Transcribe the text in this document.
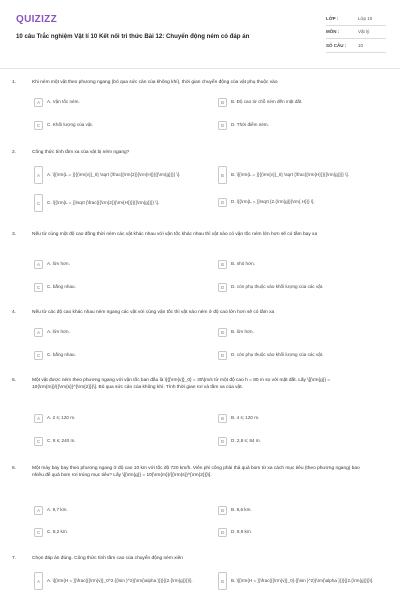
QUIZIZZ
10 câu Trắc nghiệm Vật lí 10 Kết nối tri thức Bài 12: Chuyển động ném có đáp án
LỚP :	Lớp 10
MÔN :	Vật lý
SỐ CÂU :	10
1.	Khi ném một vật theo phương ngang (bỏ qua sức cản của không khí), thời gian chuyển động của vật phụ thuộc vào
A	A. Vận tốc ném.	B	B. Độ cao từ chỗ ném đến mặt đất.
C	C. Khối lượng của vật.	D	D. Thời điểm ném.
2.	Công thức tính tầm xa của vật bị ném ngang?
A	A. \[{\rm{L = }}{{\rm{v}}_0} \sqrt {\frac{{\rm{2}}{\rm{H}}}{{\rm{g}}}} \].	B	B. \[{\rm{L = }}{{\rm{v}}_0} \sqrt {\frac{{\rm{H}}}{{\rm{g}}}} \].
C	C. \[{\rm{L = }}\sqrt {\frac{{{\rm{2}}{\rm{H}}}}{{\rm{g}}}} \].	D	D. \[{\rm{L = }}\sqrt {2.{\rm{g}}{\rm{.H}}} \].
3.	Nếu từ cùng một độ cao đồng thời ném các vật khác nhau với vận tốc khác nhau thì vật nào có vận tốc ném lớn hơn sẽ có tầm bay xa
A	A. lớn hơn.	B	B. nhỏ hơn.
C	C. bằng nhau.	D	D. còn phụ thuộc vào khối lượng của các vật.
4.	Nếu từ các độ cao khác nhau ném ngang các vật với cùng vận tốc thì vật nào ném ở độ cao lớn hơn sẽ có tầm xa
A	A. lớn hơn.	B	B. lớn hơn.
C	C. bằng nhau.	D	D. còn phụ thuộc vào khối lượng của các vật.
5.	Một vật được ném theo phương ngang với vận tốc ban đầu là \[{{\rm{v}}_0} = 30\]m/s từ một độ cao h = 80 m so với mặt đất. Lấy \[{\rm{g}} = 10{\rm{m}}/{{\rm{s}}^{\rm{2}}}\]. Bỏ qua sức cản của không khí. Tính thời gian rơi và tầm xa của vật.
A	A. 2 s; 120 m.	B	B. 4 s; 120 m.
C	C. 8 s; 240 m.	D	D. 2,8 s; 84 m.
6.	Một máy bay bay theo phương ngang ở độ cao 10 km với tốc độ 720 km/h. Viên phi công phải thả quả bom từ xa cách mục tiêu (theo phương ngang) bao nhiêu để quả bom rơi trúng mục tiêu? Lấy \[{\rm{g}} = 10{\rm{m}}/{{\rm{s}}^{\rm{2}}}\].
A	A. 9,7 km.	B	B. 8,6 km.
C	C. 8,2 km.	D	D. 8,9 km.
7.	Chọn đáp án đúng. Công thức tính tầm cao của chuyển động ném xiên
A	A. \[{\rm{H = }}\frac{{{\rm{v}}_0^2.{{\sin }^2}{\rm{\alpha }}}}{{2.{\rm{g}}}}\].	B	B. \[{\rm{H = }}\frac{{{\rm{v}}_0}.{{\sin }^2}{\rm{\alpha }}}}{{2.{\rm{g}}}}\].
